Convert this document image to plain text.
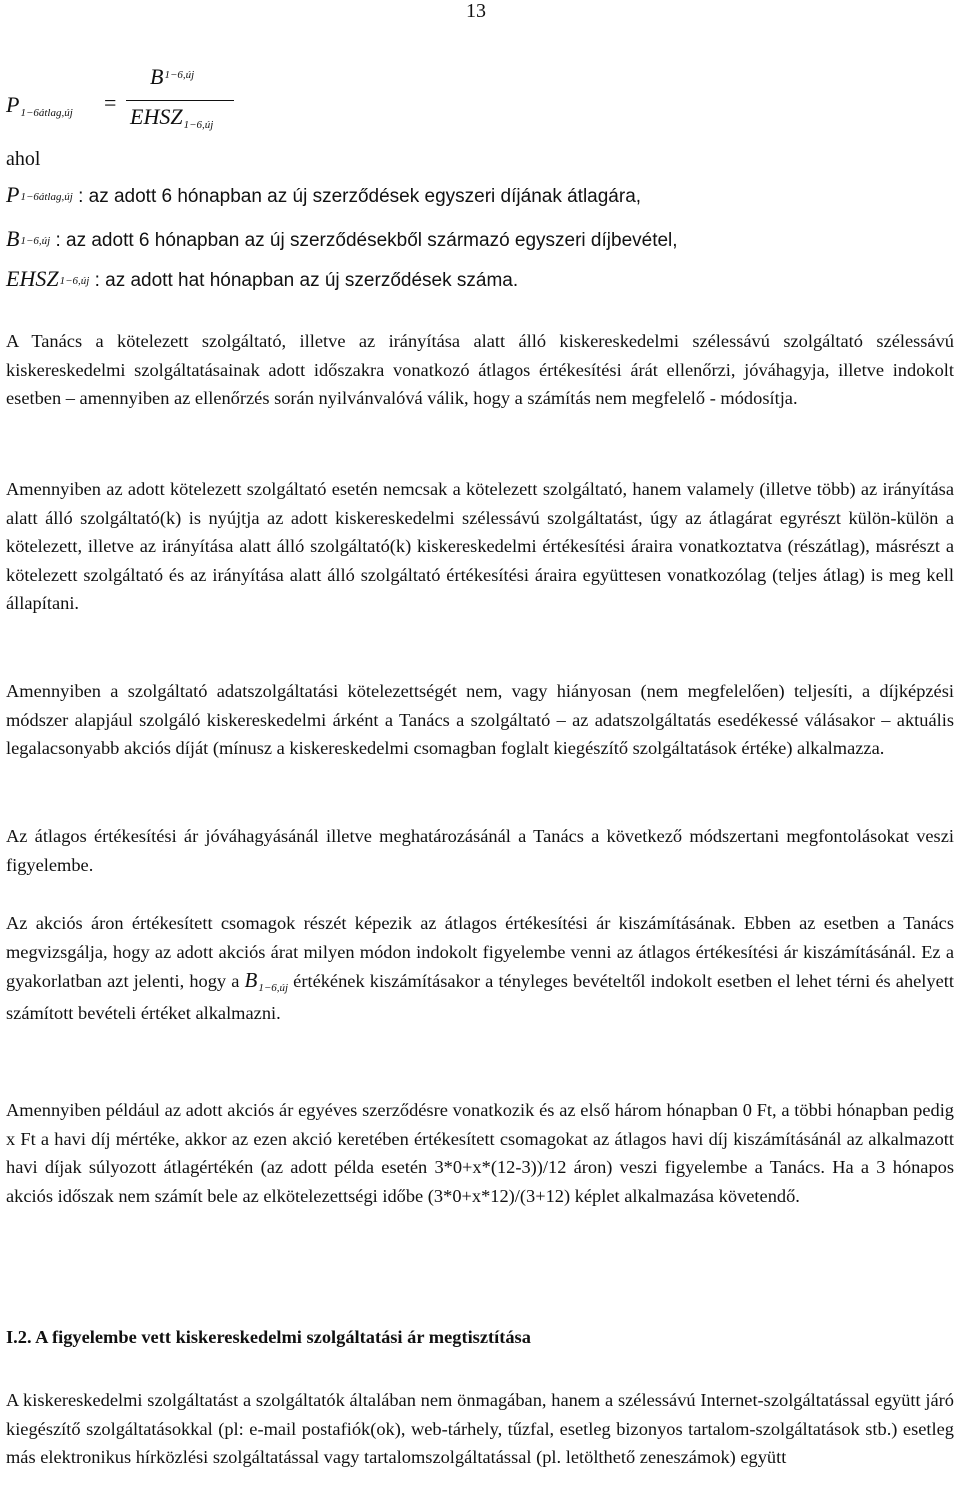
13
P1−6átlag,új =
$B^{1-6,új}$
EHSZ1−6,új
ahol
P1−6átlag,új : az adott 6 hónapban az új szerződések egyszeri díjának átlagára,
B1−6,új : az adott 6 hónapban az új szerződésekből származó egyszeri díjbevétel,
EHSZ1−6,új : az adott hat hónapban az új szerződések száma.
A Tanács a kötelezett szolgáltató, illetve az irányítása alatt álló kiskereskedelmi szélessávú szolgáltató szélessávú kiskereskedelmi szolgáltatásainak adott időszakra vonatkozó átlagos értékesítési árát ellenőrzi, jóváhagyja, illetve indokolt esetben – amennyiben az ellenőrzés során nyilvánvalóvá válik, hogy a számítás nem megfelelő - módosítja.
Amennyiben az adott kötelezett szolgáltató esetén nemcsak a kötelezett szolgáltató, hanem valamely (illetve több) az irányítása alatt álló szolgáltató(k) is nyújtja az adott kiskereskedelmi szélessávú szolgáltatást, úgy az átlagárat egyrészt külön-külön a kötelezett, illetve az irányítása alatt álló szolgáltató(k) kiskereskedelmi értékesítési áraira vonatkoztatva (részátlag), másrészt a kötelezett szolgáltató és az irányítása alatt álló szolgáltató értékesítési áraira együttesen vonatkozólag (teljes átlag) is meg kell állapítani.
Amennyiben a szolgáltató adatszolgáltatási kötelezettségét nem, vagy hiányosan (nem megfelelően) teljesíti, a díjképzési módszer alapjául szolgáló kiskereskedelmi árként a Tanács a szolgáltató – az adatszolgáltatás esedékessé válásakor – aktuális legalacsonyabb akciós díját (mínusz a kiskereskedelmi csomagban foglalt kiegészítő szolgáltatások értéke) alkalmazza.
Az átlagos értékesítési ár jóváhagyásánál illetve meghatározásánál a Tanács a következő módszertani megfontolásokat veszi figyelembe.
Az akciós áron értékesített csomagok részét képezik az átlagos értékesítési ár kiszámításának. Ebben az esetben a Tanács megvizsgálja, hogy az adott akciós árat milyen módon indokolt figyelembe venni az átlagos értékesítési ár kiszámításánál. Ez a gyakorlatban azt jelenti, hogy a B1−6,új értékének kiszámításakor a tényleges bevételtől indokolt esetben el lehet térni és ahelyett számított bevételi értéket alkalmazni.
Amennyiben például az adott akciós ár egyéves szerződésre vonatkozik és az első három hónapban 0 Ft, a többi hónapban pedig x Ft a havi díj mértéke, akkor az ezen akció keretében értékesített csomagokat az átlagos havi díj kiszámításánál az alkalmazott havi díjak súlyozott átlagértékén (az adott példa esetén 3*0+x*(12-3))/12 áron) veszi figyelembe a Tanács. Ha a 3 hónapos akciós időszak nem számít bele az elkötelezettségi időbe (3*0+x*12)/(3+12) képlet alkalmazása követendő.
I.2. A figyelembe vett kiskereskedelmi szolgáltatási ár megtisztítása
A kiskereskedelmi szolgáltatást a szolgáltatók általában nem önmagában, hanem a szélessávú Internet-szolgáltatással együtt járó kiegészítő szolgáltatásokkal (pl: e-mail postafiók(ok), web-tárhely, tűzfal, esetleg bizonyos tartalom-szolgáltatások stb.) esetleg más elektronikus hírközlési szolgáltatással vagy tartalomszolgáltatással (pl. letölthető zeneszámok) együtt
